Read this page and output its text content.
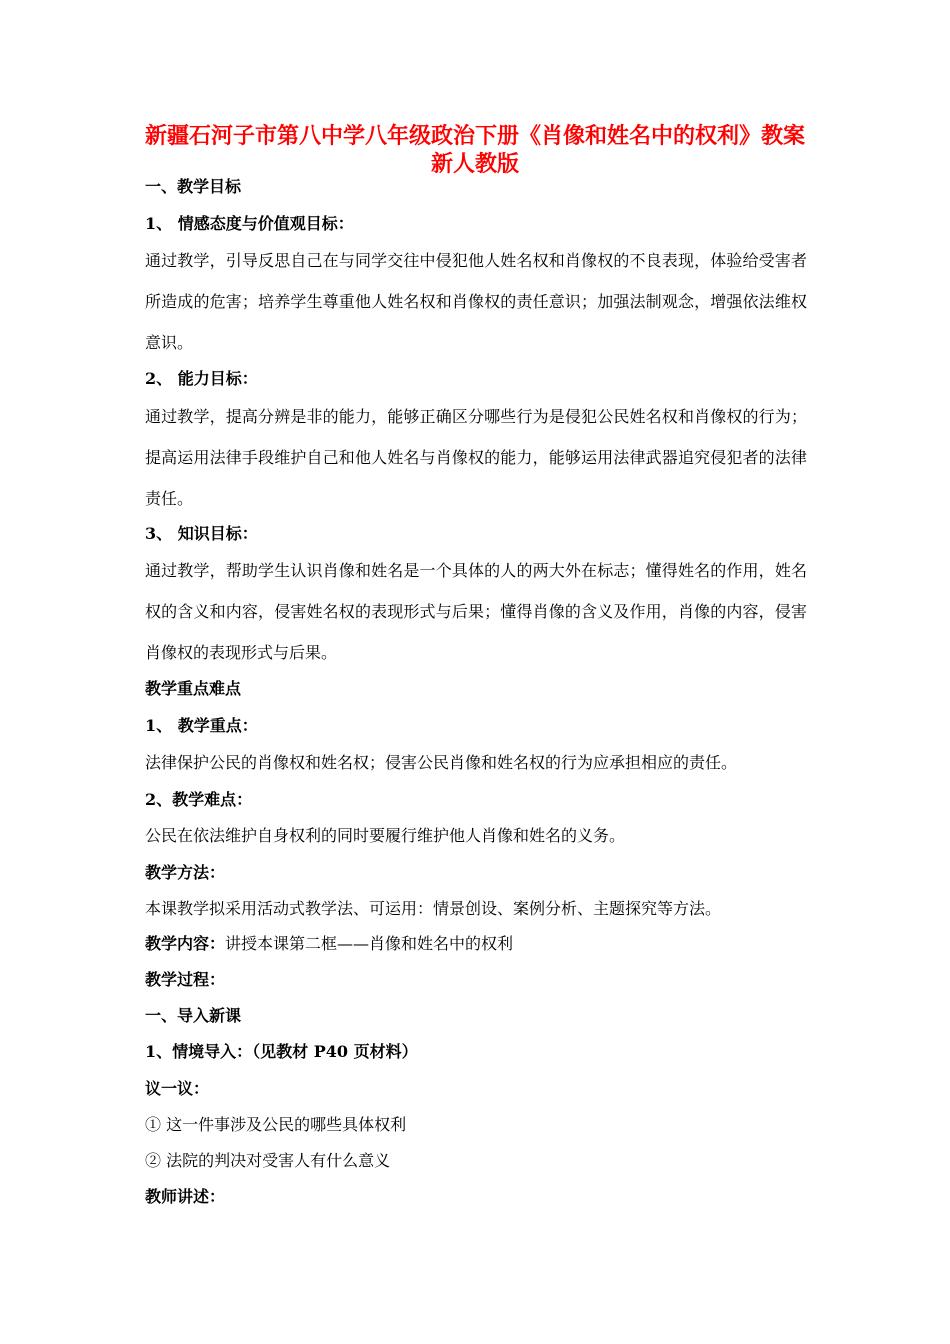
新疆石河子市第八中学八年级政治下册《肖像和姓名中的权利》教案 新人教版
一、教学目标
1、 情感态度与价值观目标：
通过教学，引导反思自己在与同学交往中侵犯他人姓名权和肖像权的不良表现，体验给受害者所造成的危害；培养学生尊重他人姓名权和肖像权的责任意识；加强法制观念，增强依法维权意识。
2、 能力目标：
通过教学，提高分辨是非的能力，能够正确区分哪些行为是侵犯公民姓名权和肖像权的行为；提高运用法律手段维护自己和他人姓名与肖像权的能力，能够运用法律武器追究侵犯者的法律责任。
3、 知识目标：
通过教学，帮助学生认识肖像和姓名是一个具体的人的两大外在标志；懂得姓名的作用，姓名权的含义和内容，侵害姓名权的表现形式与后果；懂得肖像的含义及作用，肖像的内容，侵害肖像权的表现形式与后果。
教学重点难点
1、 教学重点：
法律保护公民的肖像权和姓名权；侵害公民肖像和姓名权的行为应承担相应的责任。
2、教学难点：
公民在依法维护自身权利的同时要履行维护他人肖像和姓名的义务。
教学方法：
本课教学拟采用活动式教学法、可运用：情景创设、案例分析、主题探究等方法。
教学内容：讲授本课第二框——肖像和姓名中的权利
教学过程：
一、导入新课
1、情境导入：（见教材 P40 页材料）
议一议：
① 这一件事涉及公民的哪些具体权利
② 法院的判决对受害人有什么意义
教师讲述：
